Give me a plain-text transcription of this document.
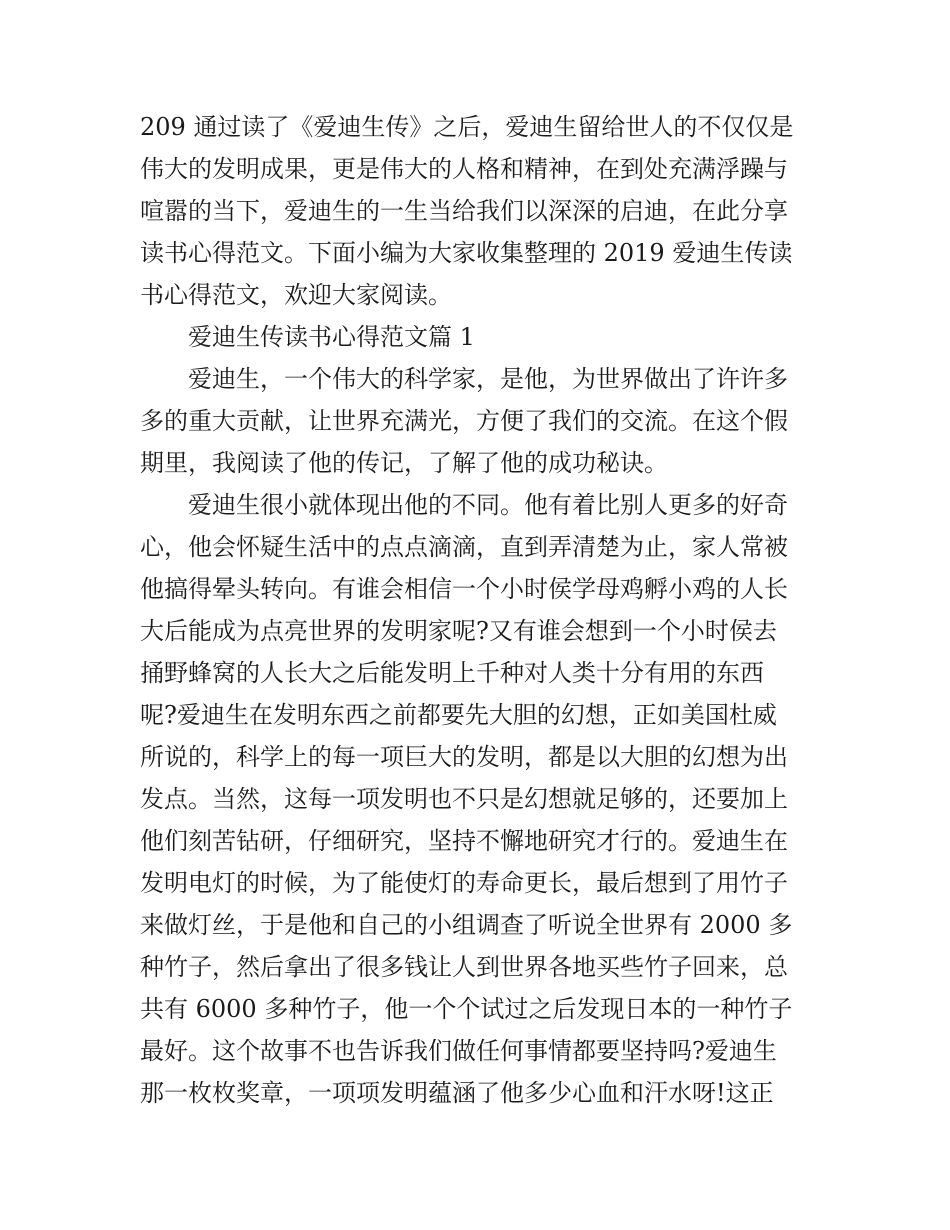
209 通过读了《爱迪生传》之后，爱迪生留给世人的不仅仅是
伟大的发明成果，更是伟大的人格和精神，在到处充满浮躁与
喧嚣的当下，爱迪生的一生当给我们以深深的启迪，在此分享
读书心得范文。下面小编为大家收集整理的 2019 爱迪生传读
书心得范文，欢迎大家阅读。
爱迪生传读书心得范文篇 1
爱迪生，一个伟大的科学家，是他，为世界做出了许许多
多的重大贡献，让世界充满光，方便了我们的交流。在这个假
期里，我阅读了他的传记，了解了他的成功秘诀。
爱迪生很小就体现出他的不同。他有着比别人更多的好奇
心，他会怀疑生活中的点点滴滴，直到弄清楚为止，家人常被
他搞得晕头转向。有谁会相信一个小时侯学母鸡孵小鸡的人长
大后能成为点亮世界的发明家呢?又有谁会想到一个小时侯去
捅野蜂窝的人长大之后能发明上千种对人类十分有用的东西
呢?爱迪生在发明东西之前都要先大胆的幻想，正如美国杜威
所说的，科学上的每一项巨大的发明，都是以大胆的幻想为出
发点。当然，这每一项发明也不只是幻想就足够的，还要加上
他们刻苦钻研，仔细研究，坚持不懈地研究才行的。爱迪生在
发明电灯的时候，为了能使灯的寿命更长，最后想到了用竹子
来做灯丝，于是他和自己的小组调查了听说全世界有 2000 多
种竹子，然后拿出了很多钱让人到世界各地买些竹子回来，总
共有 6000 多种竹子，他一个个试过之后发现日本的一种竹子
最好。这个故事不也告诉我们做任何事情都要坚持吗?爱迪生
那一枚枚奖章，一项项发明蕴涵了他多少心血和汗水呀!这正
